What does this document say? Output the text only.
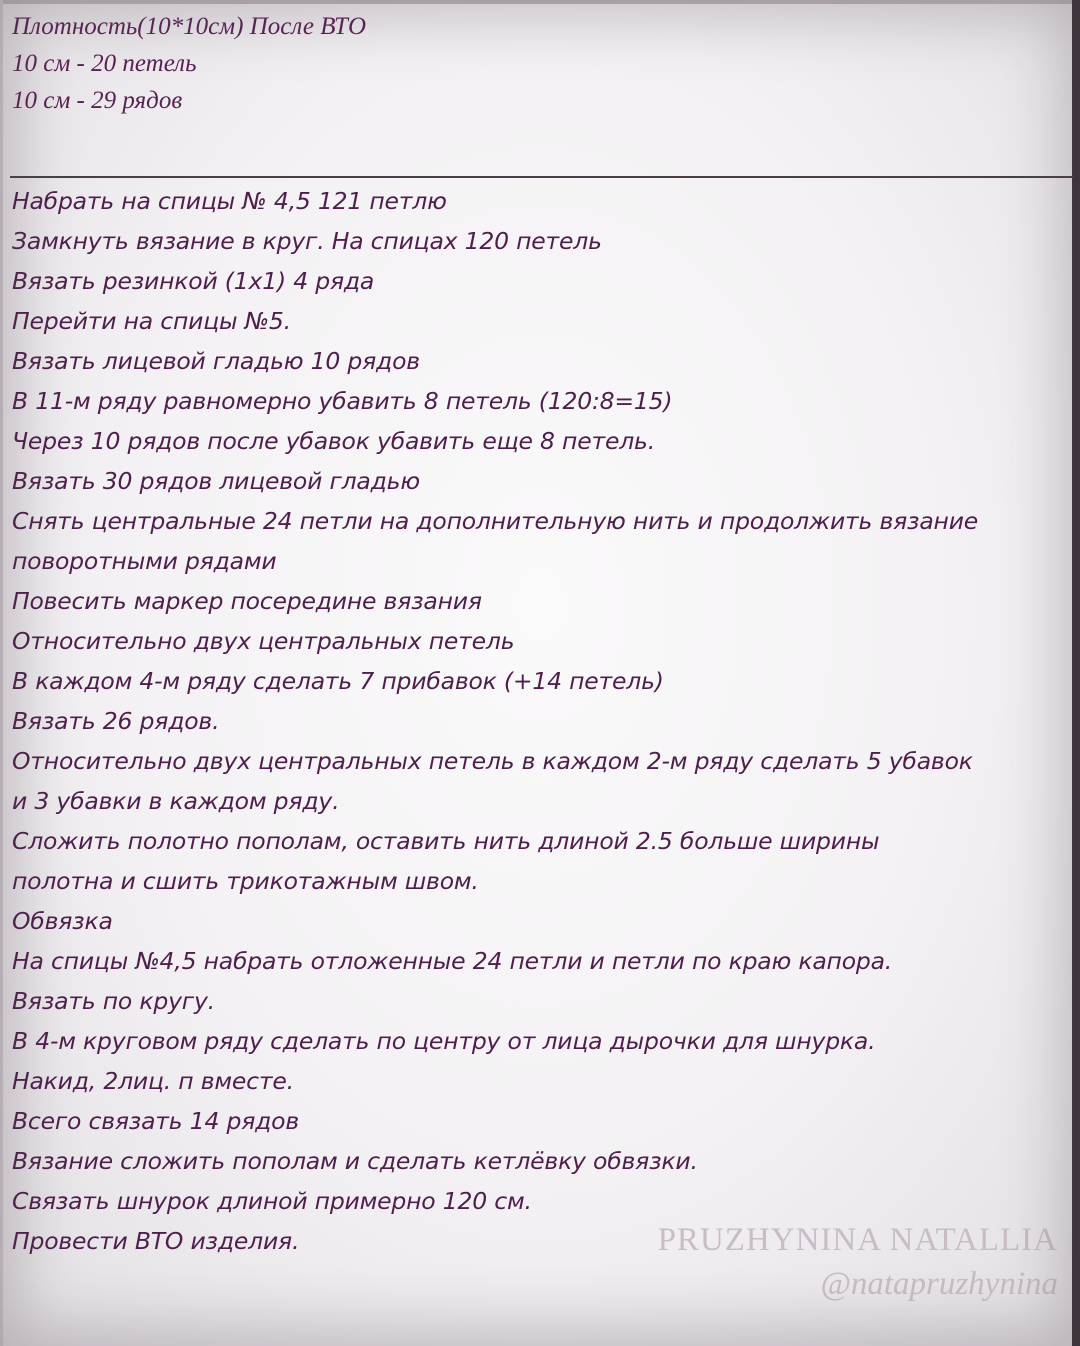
Плотность(10*10см) После ВТО
10 см - 20 петель
10 см - 29 рядов
Набрать на спицы № 4,5 121 петлю
Замкнуть вязание в круг. На спицах 120 петель
Вязать резинкой (1х1) 4 ряда
Перейти на спицы №5.
Вязать лицевой гладью 10 рядов
В 11-м ряду равномерно убавить 8 петель (120:8=15)
Через 10 рядов после убавок убавить еще 8 петель.
Вязать 30 рядов лицевой гладью
Снять центральные 24 петли на дополнительную нить и продолжить вязание
поворотными рядами
Повесить маркер посередине вязания
Относительно двух центральных петель
В каждом 4-м ряду сделать 7 прибавок (+14 петель)
Вязать 26 рядов.
Относительно двух центральных петель в каждом 2-м ряду сделать 5 убавок
и 3 убавки в каждом ряду.
Сложить полотно пополам, оставить нить длиной 2.5 больше ширины
полотна и сшить трикотажным швом.
Обвязка
На спицы №4,5 набрать отложенные 24 петли и петли по краю капора.
Вязать по кругу.
В 4-м круговом ряду сделать по центру от лица дырочки для шнурка.
Накид, 2лиц. п вместе.
Всего связать 14 рядов
Вязание сложить пополам и сделать кетлёвку обвязки.
Связать шнурок длиной примерно 120 см.
Провести ВТО изделия.	PRUZHYNINA NATALLIA
@natapruzhynina
